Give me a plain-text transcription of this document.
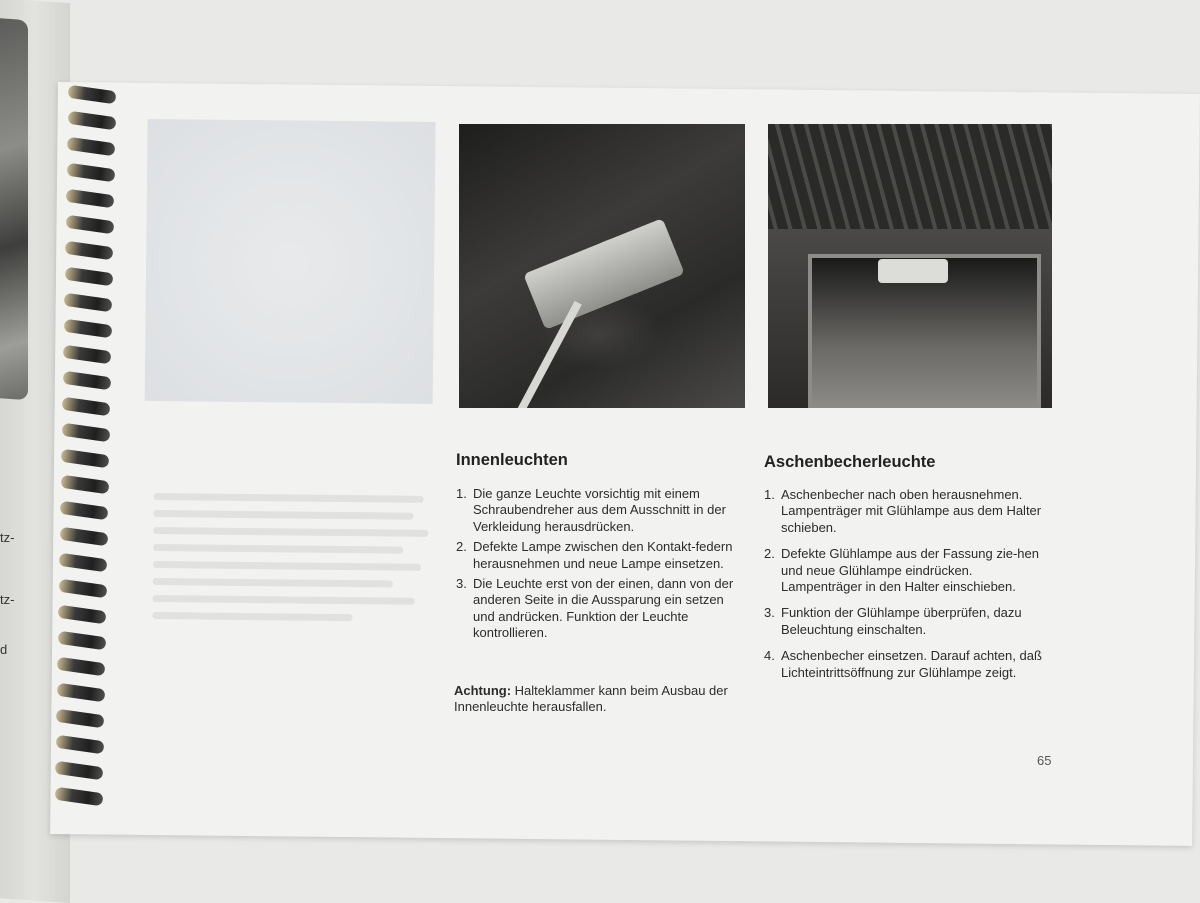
tz-
tz-
d
Innenleuchten
1. Die ganze Leuchte vorsichtig mit einem Schraubendreher aus dem Ausschnitt in der Verkleidung herausdrücken.
2. Defekte Lampe zwischen den Kontakt-federn herausnehmen und neue Lampe einsetzen.
3. Die Leuchte erst von der einen, dann von der anderen Seite in die Aussparung ein setzen und andrücken. Funktion der Leuchte kontrollieren.
Achtung: Halteklammer kann beim Ausbau der Innenleuchte herausfallen.
Aschenbecherleuchte
1. Aschenbecher nach oben herausnehmen. Lampenträger mit Glühlampe aus dem Halter schieben.
2. Defekte Glühlampe aus der Fassung zie-hen und neue Glühlampe eindrücken. Lampenträger in den Halter einschieben.
3. Funktion der Glühlampe überprüfen, dazu Beleuchtung einschalten.
4. Aschenbecher einsetzen. Darauf achten, daß Lichteintrittsöffnung zur Glühlampe zeigt.
65
